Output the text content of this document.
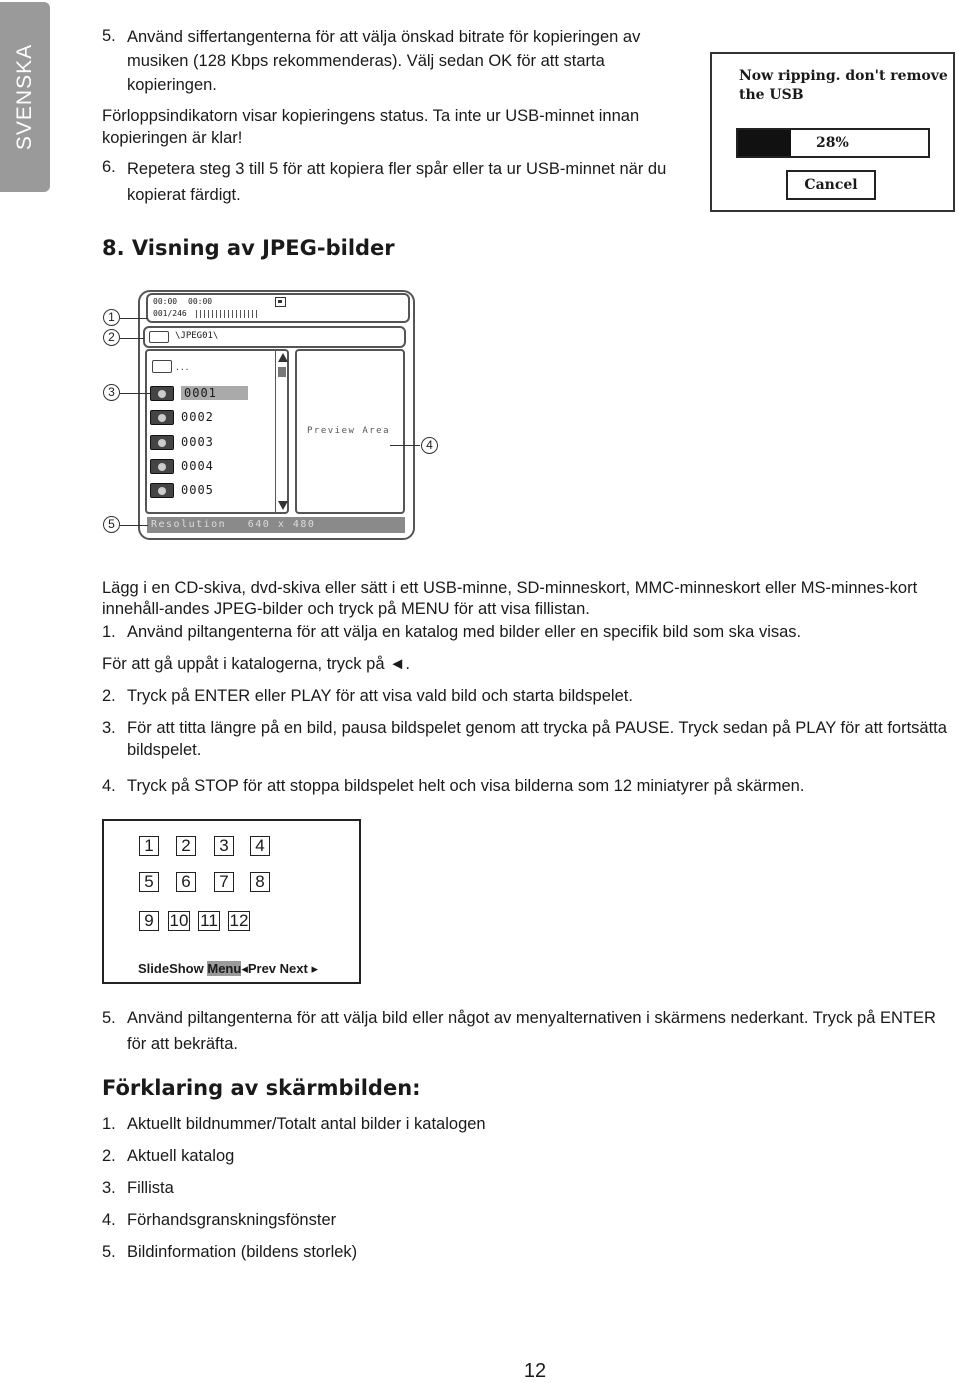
SVENSKA
5. Använd siffertangenterna för att välja önskad bitrate för kopieringen av musiken (128 Kbps rekommenderas). Välj sedan OK för att starta kopieringen.
Förloppsindikatorn visar kopieringens status. Ta inte ur USB-minnet innan kopieringen är klar!
6. Repetera steg 3 till 5 för att kopiera fler spår eller ta ur USB-minnet när du kopierat färdigt.
Now ripping. don't remove the USB
28%
Cancel
8. Visning av JPEG-bilder
00:00 00:00
001/246
\JPEG01\
...
0001
0002
0003
0004
0005
Preview Area
Resolution 640 x 480
1
2
3
4
5
Lägg i en CD-skiva, dvd-skiva eller sätt i ett USB-minne, SD-minneskort, MMC-minneskort eller MS-minnes-kort innehåll-andes JPEG-bilder och tryck på MENU för att visa fillistan.
1. Använd piltangenterna för att välja en katalog med bilder eller en specifik bild som ska visas.
För att gå uppåt i katalogerna, tryck på ◄.
2. Tryck på ENTER eller PLAY för att visa vald bild och starta bildspelet.
3. För att titta längre på en bild, pausa bildspelet genom att trycka på PAUSE. Tryck sedan på PLAY för att fortsätta bildspelet.
4. Tryck på STOP för att stoppa bildspelet helt och visa bilderna som 12 miniatyrer på skärmen.
1	2	3	4
5	6	7	8
9 10 11 12
SlideShow Menu◂Prev Next ▸
5. Använd piltangenterna för att välja bild eller något av menyalternativen i skärmens nederkant. Tryck på ENTER för att bekräfta.
Förklaring av skärmbilden:
1. Aktuellt bildnummer/Totalt antal bilder i katalogen
2. Aktuell katalog
3. Fillista
4. Förhandsgranskningsfönster
5. Bildinformation (bildens storlek)
12
